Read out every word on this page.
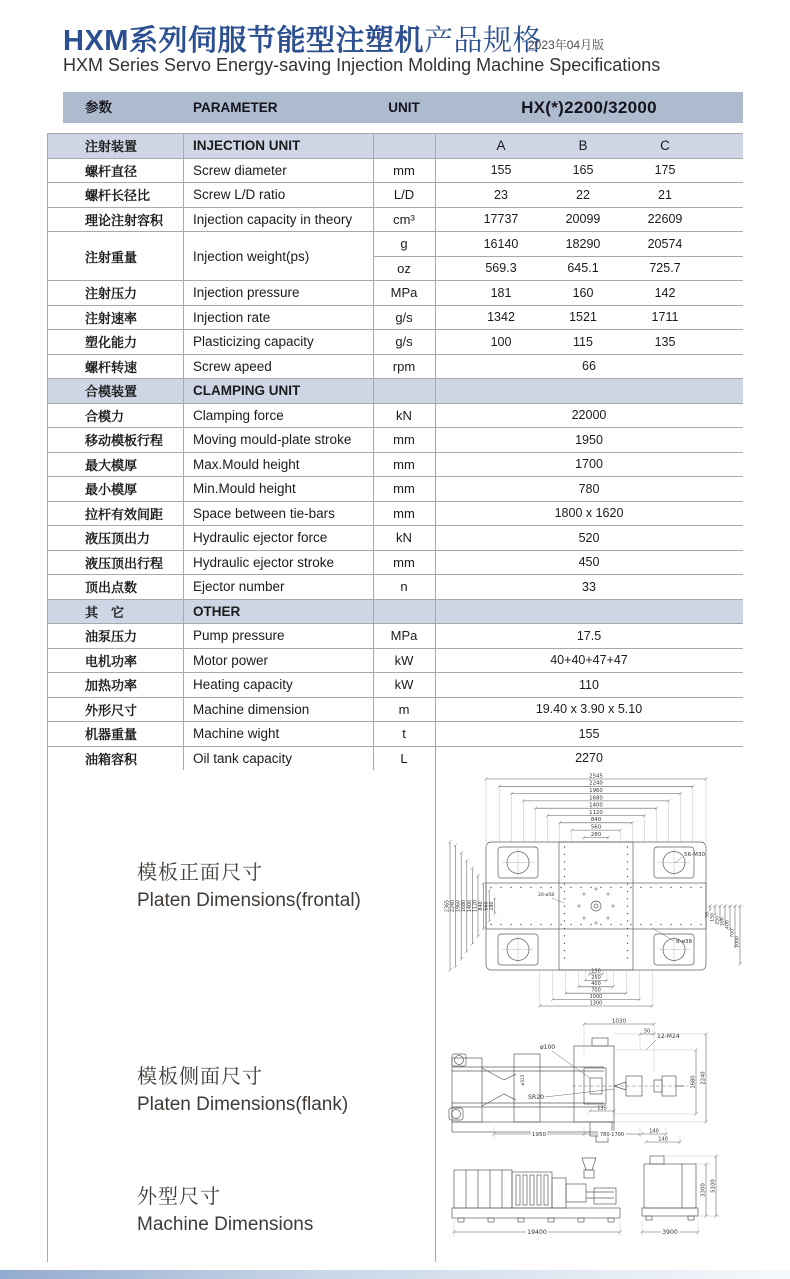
HXM系列伺服节能型注塑机产品规格
2023年04月版
HXM Series Servo Energy-saving Injection Molding Machine Specifications
参数	PARAMETER	UNIT	HX(*)2200/32000
注射装置	INJECTION UNIT	A	B	C
螺杆直径	Screw diameter	mm	155	165	175
螺杆长径比	Screw L/D ratio	L/D	23	22	21
理论注射容积	Injection capacity in theory	cm³	17737	20099	22609
注射重量	Injection weight(ps)
g	16140	18290	20574
oz	569.3	645.1	725.7
注射压力	Injection pressure	MPa	181	160	142
注射速率	Injection rate	g/s	1342	1521	1711
塑化能力	Plasticizing capacity	g/s	100	115	135
螺杆转速	Screw apeed	rpm	66
合模装置	CLAMPING UNIT
合模力	Clamping force	kN	22000
移动模板行程	Moving mould-plate stroke	mm	1950
最大模厚	Max.Mould height	mm	1700
最小模厚	Min.Mould height	mm	780
拉杆有效间距	Space between tie-bars	mm	1800 x 1620
液压顶出力	Hydraulic ejector force	kN	520
液压顶出行程	Hydraulic ejector stroke	mm	450
顶出点数	Ejector number	n	33
其　它	OTHER
油泵压力	Pump pressure	MPa	17.5
电机功率	Motor power	kW	40+40+47+47
加热功率	Heating capacity	kW	110
外形尺寸	Machine dimension	m	19.40 x 3.90 x 5.10
机器重量	Machine wight	t	155
油箱容积	Oil tank capacity	L	2270
模板正面尺寸
Platen Dimensions(frontal)
2545
2240
1960
1680
1400
1120
840
560
280
2365 2240 1960 1680 1400 1120 840 560 280
150
250
400
700
1000
1300
50 150 250 300 400
700
1000
56-M30
8-ø38
20-ø58
模板侧面尺寸
Platen Dimensions(flank)
1030
50
12-M24
ø100
SR20
ø315	1680 2240
135
1950	780-1700
140
140
外型尺寸
Machine Dimensions	19400	3900
3300 5100
